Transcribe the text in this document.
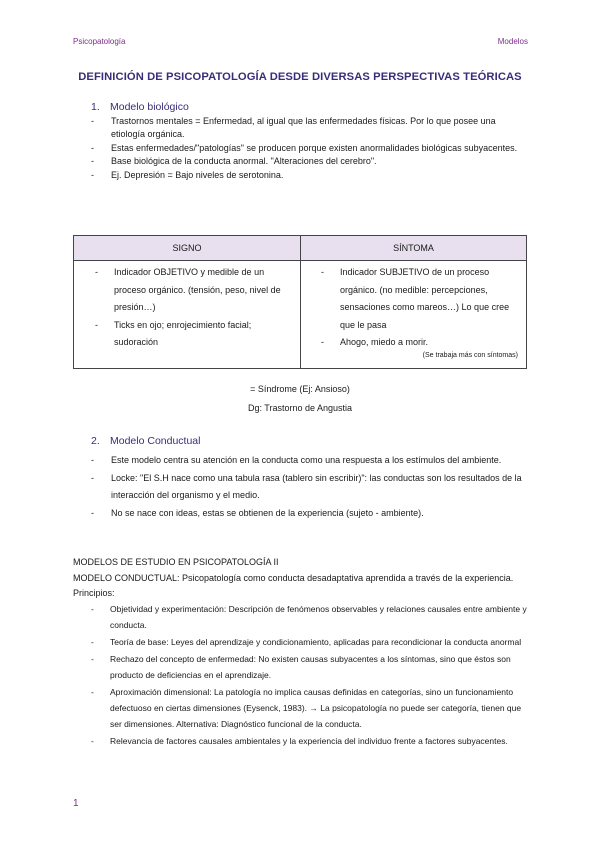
Psicopatología	Modelos
DEFINICIÓN DE PSICOPATOLOGÍA DESDE DIVERSAS PERSPECTIVAS TEÓRICAS
1. Modelo biológico
- Trastornos mentales = Enfermedad, al igual que las enfermedades físicas. Por lo que posee una etiología orgánica.
- Estas enfermedades/"patologías" se producen porque existen anormalidades biológicas subyacentes.
- Base biológica de la conducta anormal. "Alteraciones del cerebro".
- Ej. Depresión = Bajo niveles de serotonina.
SIGNO	SÍNTOMA
- Indicador OBJETIVO y medible de un proceso orgánico. (tensión, peso, nivel de presión…)
- Ticks en ojo; enrojecimiento facial; sudoración
- Indicador SUBJETIVO de un proceso orgánico. (no medible: percepciones, sensaciones como mareos…) Lo que cree que le pasa
- Ahogo, miedo a morir.
(Se trabaja más con síntomas)
= Síndrome (Ej: Ansioso)
Dg: Trastorno de Angustia
2. Modelo Conductual
- Este modelo centra su atención en la conducta como una respuesta a los estímulos del ambiente.
- Locke: "El S.H nace como una tabula rasa (tablero sin escribir)": las conductas son los resultados de la interacción del organismo y el medio.
- No se nace con ideas, estas se obtienen de la experiencia (sujeto - ambiente).
MODELOS DE ESTUDIO EN PSICOPATOLOGÍA II
MODELO CONDUCTUAL: Psicopatología como conducta desadaptativa aprendida a través de la experiencia.
Principios:
- Objetividad y experimentación: Descripción de fenómenos observables y relaciones causales entre ambiente y conducta.
- Teoría de base: Leyes del aprendizaje y condicionamiento, aplicadas para recondicionar la conducta anormal
- Rechazo del concepto de enfermedad: No existen causas subyacentes a los síntomas, sino que éstos son producto de deficiencias en el aprendizaje.
- Aproximación dimensional: La patología no implica causas definidas en categorías, sino un funcionamiento defectuoso en ciertas dimensiones (Eysenck, 1983). → La psicopatología no puede ser categoría, tienen que ser dimensiones. Alternativa: Diagnóstico funcional de la conducta.
- Relevancia de factores causales ambientales y la experiencia del individuo frente a factores subyacentes.
1
